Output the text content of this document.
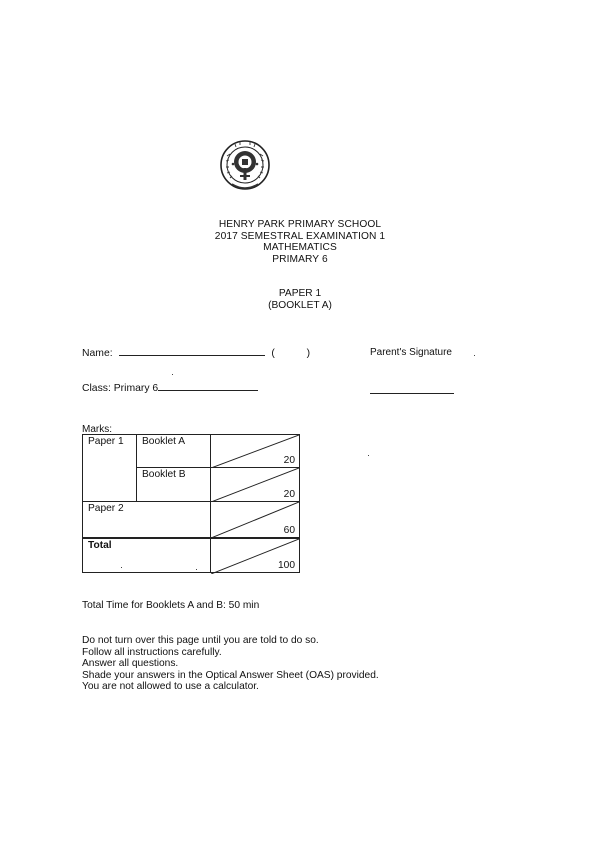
HENRY PARK PRIMARY SCHOOL
2017 SEMESTRAL EXAMINATION 1
MATHEMATICS
PRIMARY 6
PAPER 1
(BOOKLET A)
Name:	(	)	Parent's Signature
Class: Primary 6
Marks:
Paper 1	Booklet A	20

	Booklet B	20

Paper 2		60

Total		100
Total Time for Booklets A and B: 50 min
Do not turn over this page until you are told to do so.
Follow all instructions carefully.
Answer all questions.
Shade your answers in the Optical Answer Sheet (OAS) provided.
You are not allowed to use a calculator.
